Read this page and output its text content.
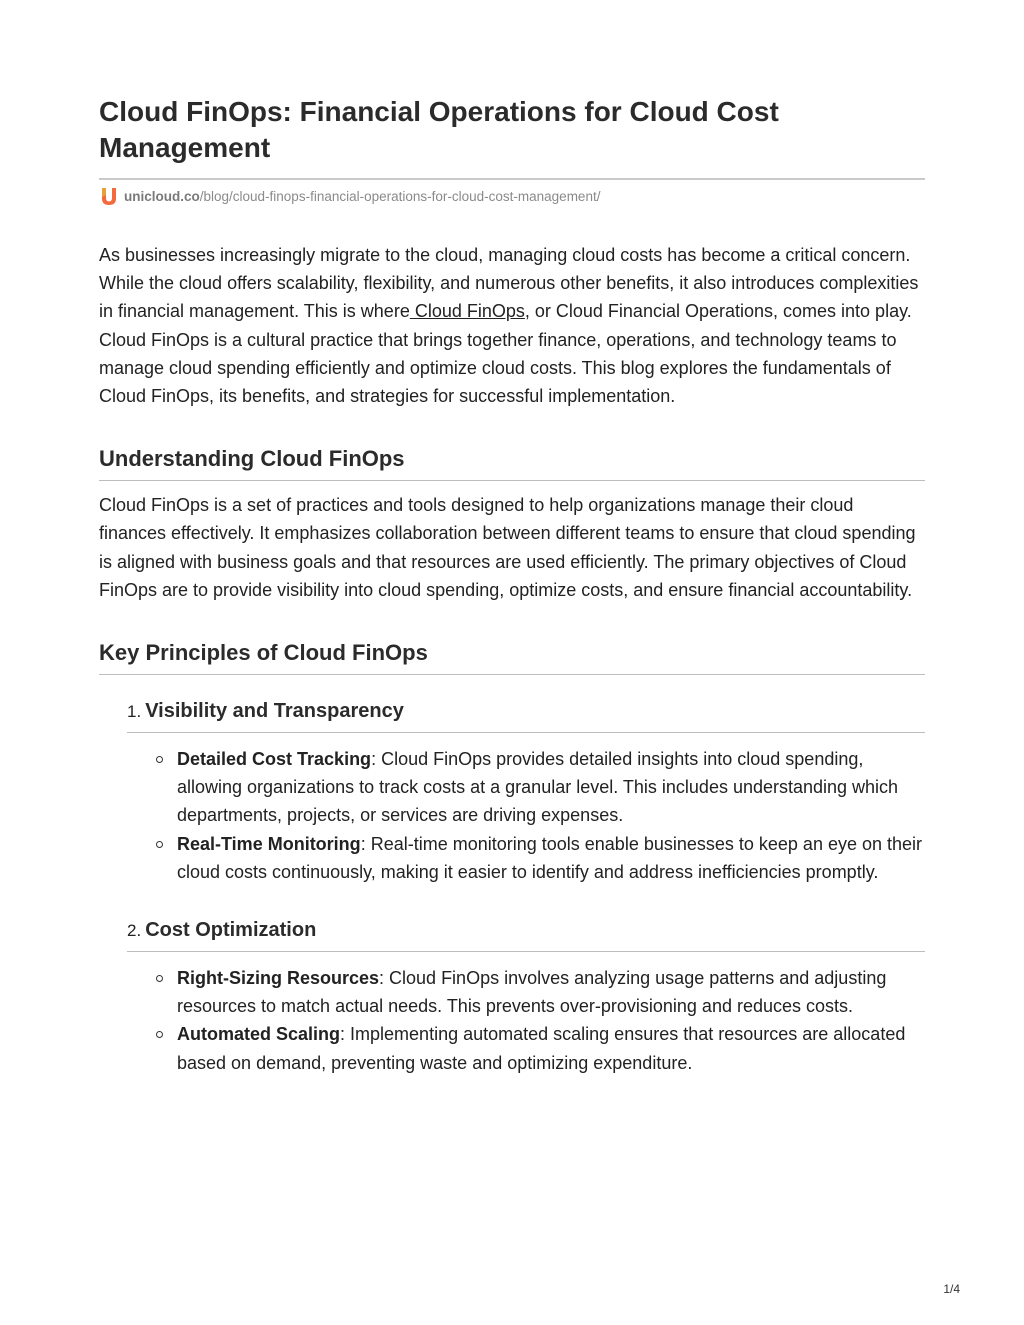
Cloud FinOps: Financial Operations for Cloud Cost Management
unicloud.co/blog/cloud-finops-financial-operations-for-cloud-cost-management/

As businesses increasingly migrate to the cloud, managing cloud costs has become a critical concern. While the cloud offers scalability, flexibility, and numerous other benefits, it also introduces complexities in financial management. This is where Cloud FinOps, or Cloud Financial Operations, comes into play. Cloud FinOps is a cultural practice that brings together finance, operations, and technology teams to manage cloud spending efficiently and optimize cloud costs. This blog explores the fundamentals of Cloud FinOps, its benefits, and strategies for successful implementation.

Understanding Cloud FinOps

Cloud FinOps is a set of practices and tools designed to help organizations manage their cloud finances effectively. It emphasizes collaboration between different teams to ensure that cloud spending is aligned with business goals and that resources are used efficiently. The primary objectives of Cloud FinOps are to provide visibility into cloud spending, optimize costs, and ensure financial accountability.

Key Principles of Cloud FinOps
1. Visibility and Transparency
Detailed Cost Tracking: Cloud FinOps provides detailed insights into cloud spending, allowing organizations to track costs at a granular level. This includes understanding which departments, projects, or services are driving expenses.
Real-Time Monitoring: Real-time monitoring tools enable businesses to keep an eye on their cloud costs continuously, making it easier to identify and address inefficiencies promptly.
2. Cost Optimization
Right-Sizing Resources: Cloud FinOps involves analyzing usage patterns and adjusting resources to match actual needs. This prevents over-provisioning and reduces costs.
Automated Scaling: Implementing automated scaling ensures that resources are allocated based on demand, preventing waste and optimizing expenditure.
1/4
